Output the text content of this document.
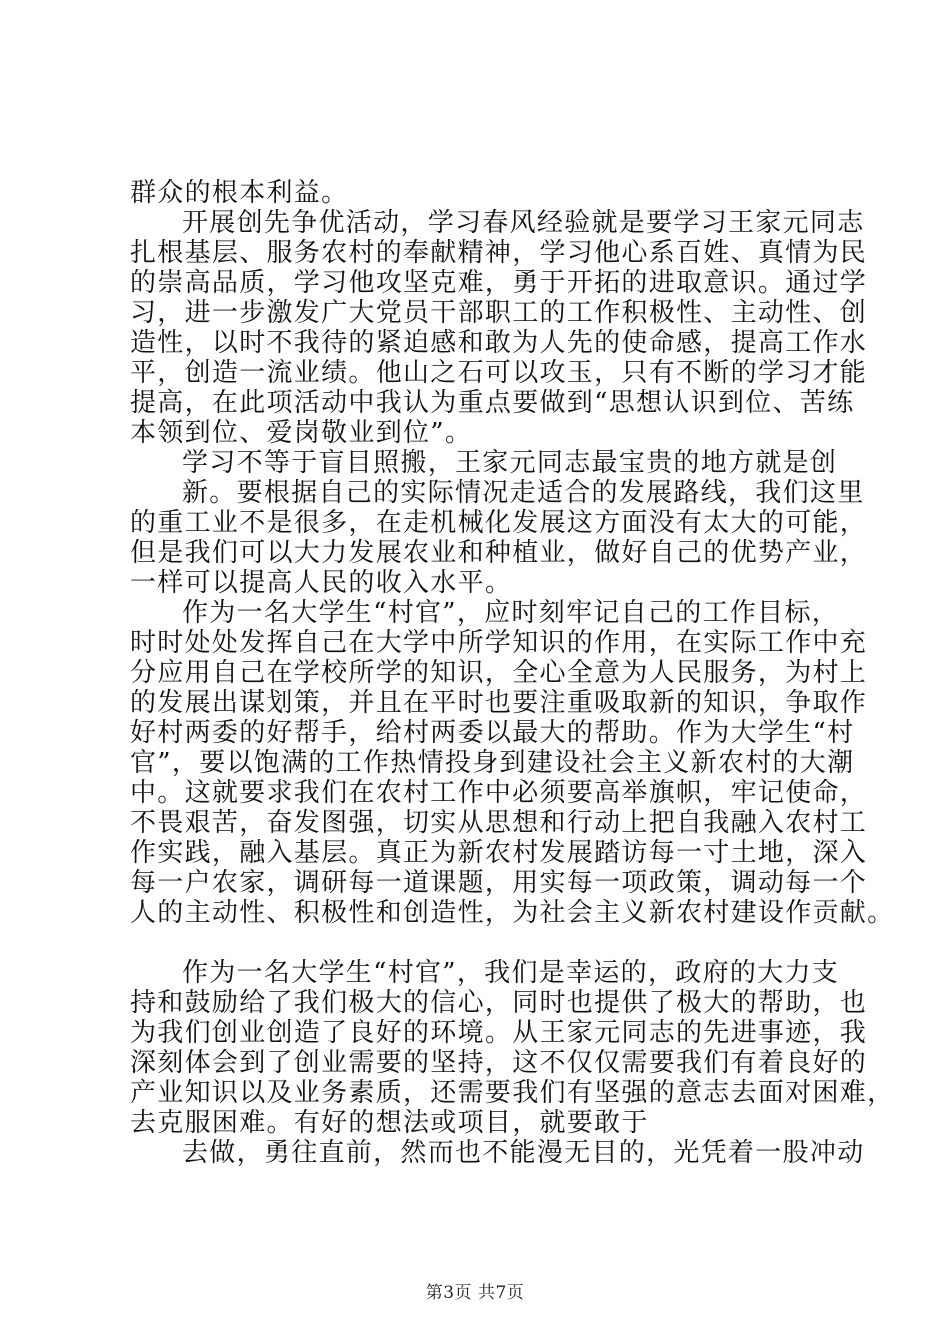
群众的根本利益。
开展创先争优活动，学习春风经验就是要学习王家元同志
扎根基层、服务农村的奉献精神，学习他心系百姓、真情为民
的崇高品质，学习他攻坚克难，勇于开拓的进取意识。通过学
习，进一步激发广大党员干部职工的工作积极性、主动性、创
造性，以时不我待的紧迫感和敢为人先的使命感，提高工作水
平，创造一流业绩。他山之石可以攻玉，只有不断的学习才能
提高，在此项活动中我认为重点要做到“思想认识到位、苦练
本领到位、爱岗敬业到位”。
学习不等于盲目照搬，王家元同志最宝贵的地方就是创
新。要根据自己的实际情况走适合的发展路线，我们这里
的重工业不是很多，在走机械化发展这方面没有太大的可能，
但是我们可以大力发展农业和种植业，做好自己的优势产业，
一样可以提高人民的收入水平。
作为一名大学生“村官”，应时刻牢记自己的工作目标，
时时处处发挥自己在大学中所学知识的作用，在实际工作中充
分应用自己在学校所学的知识，全心全意为人民服务，为村上
的发展出谋划策，并且在平时也要注重吸取新的知识，争取作
好村两委的好帮手，给村两委以最大的帮助。作为大学生“村
官”，要以饱满的工作热情投身到建设社会主义新农村的大潮
中。这就要求我们在农村工作中必须要高举旗帜，牢记使命，
不畏艰苦，奋发图强，切实从思想和行动上把自我融入农村工
作实践，融入基层。真正为新农村发展踏访每一寸土地，深入
每一户农家，调研每一道课题，用实每一项政策，调动每一个
人的主动性、积极性和创造性，为社会主义新农村建设作贡献。
作为一名大学生“村官”，我们是幸运的，政府的大力支
持和鼓励给了我们极大的信心，同时也提供了极大的帮助，也
为我们创业创造了良好的环境。从王家元同志的先进事迹，我
深刻体会到了创业需要的坚持，这不仅仅需要我们有着良好的
产业知识以及业务素质，还需要我们有坚强的意志去面对困难，
去克服困难。有好的想法或项目，就要敢于
去做，勇往直前，然而也不能漫无目的，光凭着一股冲动
第3页 共7页
